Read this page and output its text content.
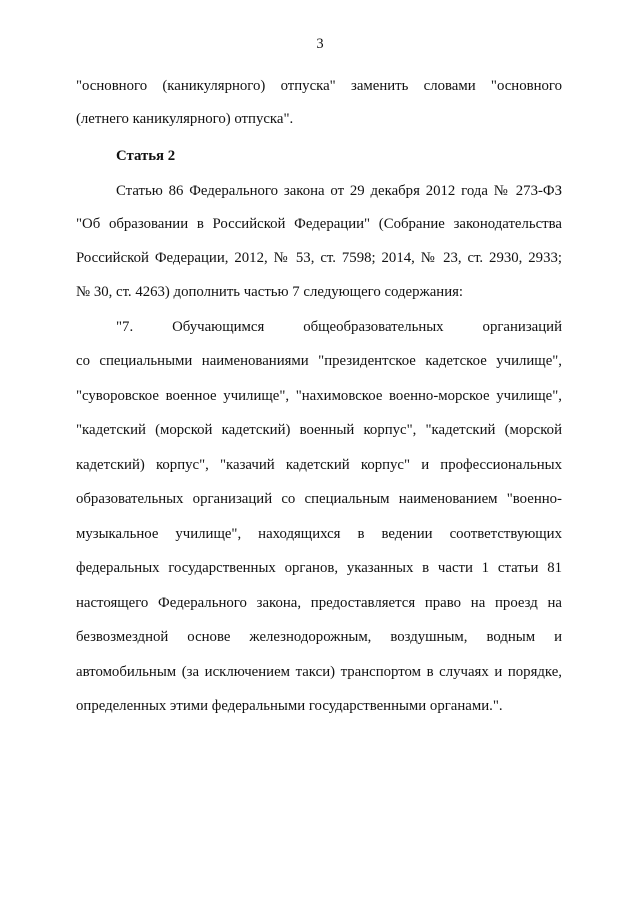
3
"основного (каникулярного) отпуска" заменить словами "основного
(летнего каникулярного) отпуска".
Статья 2
Статью 86 Федерального закона от 29 декабря 2012 года № 273-ФЗ
"Об образовании в Российской Федерации" (Собрание законодательства
Российской Федерации, 2012, № 53, ст. 7598; 2014, № 23, ст. 2930, 2933;
№ 30, ст. 4263) дополнить частью 7 следующего содержания:
"7. Обучающимся общеобразовательных организаций
со специальными наименованиями "президентское кадетское училище",
"суворовское военное училище", "нахимовское военно-морское училище",
"кадетский (морской кадетский) военный корпус", "кадетский (морской
кадетский) корпус", "казачий кадетский корпус" и профессиональных
образовательных организаций со специальным наименованием "военно-
музыкальное училище", находящихся в ведении соответствующих
федеральных государственных органов, указанных в части 1 статьи 81
настоящего Федерального закона, предоставляется право на проезд на
безвозмездной основе железнодорожным, воздушным, водным и
автомобильным (за исключением такси) транспортом в случаях и порядке,
определенных этими федеральными государственными органами.".
